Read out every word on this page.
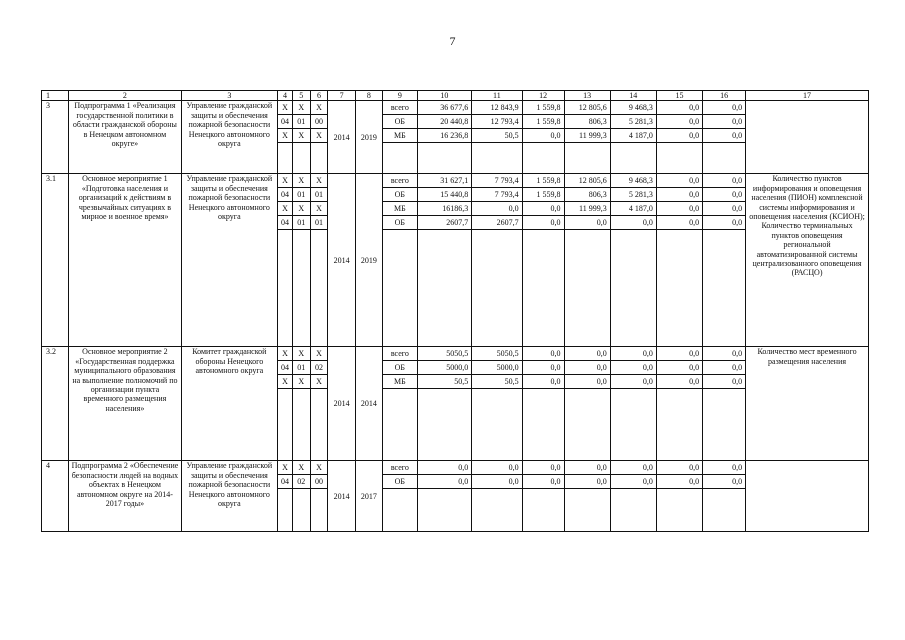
7
1	2	3	4	5	6	7	8	9	10	11	12	13	14	15	16	17
3	Подпрограмма 1 «Реализация государственной политики в области гражданской обороны в Ненецком автономном округе»	Управление гражданской защиты и обеспечения пожарной безопасности Ненецкого автономного округа	Х	Х	Х	2014	2019	всего	36 677,6	12 843,9	1 559,8	12 805,6	9 468,3	0,0	0,0	
			04	01	00			ОБ	20 440,8	12 793,4	1 559,8	806,3	5 281,3	0,0	0,0	
			Х	Х	Х			МБ	16 236,8	50,5	0,0	11 999,3	4 187,0	0,0	0,0	

3.1	Основное мероприятие 1 «Подготовка населения и организаций к действиям в чрезвычайных ситуациях в мирное и военное время»	Управление гражданской защиты и обеспечения пожарной безопасности Ненецкого автономного округа	Х	Х	Х	2014	2019	всего	31 627,1	7 793,4	1 559,8	12 805,6	9 468,3	0,0	0,0	Количество пунктов информирования и оповещения населения (ПИОН) комплексной системы информирования и оповещения населения (КСИОН); Количество терминальных пунктов оповещения региональной автоматизированной системы централизованного оповещения (РАСЦО)
			04	01	01			ОБ	15 440,8	7 793,4	1 559,8	806,3	5 281,3	0,0	0,0	
			Х	Х	Х			МБ	16186,3	0,0	0,0	11 999,3	4 187,0	0,0	0,0	
			04	01	01			ОБ	2607,7	2607,7	0,0	0,0	0,0	0,0	0,0	

3.2	Основное мероприятие 2 «Государственная поддержка муниципального образования на выполнение полномочий по организации пункта временного размещения населения»	Комитет гражданской обороны Ненецкого автономного округа	Х	Х	Х	2014	2014	всего	5050,5	5050,5	0,0	0,0	0,0	0,0	0,0	Количество мест временного размещения населения
			04	01	02			ОБ	5000,0	5000,0	0,0	0,0	0,0	0,0	0,0	
			Х	Х	Х			МБ	50,5	50,5	0,0	0,0	0,0	0,0	0,0	

4	Подпрограмма 2 «Обеспечение безопасности людей на водных объектах в Ненецком автономном округе на 2014-2017 годы»	Управление гражданской защиты и обеспечения пожарной безопасности Ненецкого автономного округа	Х	Х	Х	2014	2017	всего	0,0	0,0	0,0	0,0	0,0	0,0	0,0	
			04	02	00			ОБ	0,0	0,0	0,0	0,0	0,0	0,0	0,0	
